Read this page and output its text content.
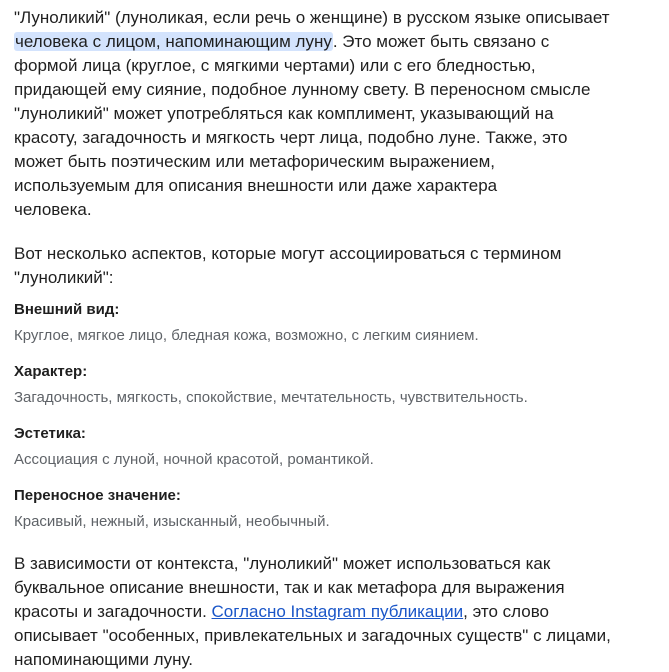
"Луноликий" (луноликая, если речь о женщине) в русском языке описывает
человека с лицом, напоминающим луну. Это может быть связано с
формой лица (круглое, с мягкими чертами) или с его бледностью,
придающей ему сияние, подобное лунному свету. В переносном смысле
"луноликий" может употребляться как комплимент, указывающий на
красоту, загадочность и мягкость черт лица, подобно луне. Также, это
может быть поэтическим или метафорическим выражением,
используемым для описания внешности или даже характера
человека.

Вот несколько аспектов, которые могут ассоциироваться с термином
"луноликий":

Внешний вид:

Круглое, мягкое лицо, бледная кожа, возможно, с легким сиянием.

Характер:

Загадочность, мягкость, спокойствие, мечтательность, чувствительность.

Эстетика:

Ассоциация с луной, ночной красотой, романтикой.

Переносное значение:

Красивый, нежный, изысканный, необычный.

В зависимости от контекста, "луноликий" может использоваться как
буквальное описание внешности, так и как метафора для выражения
красоты и загадочности. Согласно Instagram публикации, это слово
описывает "особенных, привлекательных и загадочных существ" с лицами,
напоминающими луну.
